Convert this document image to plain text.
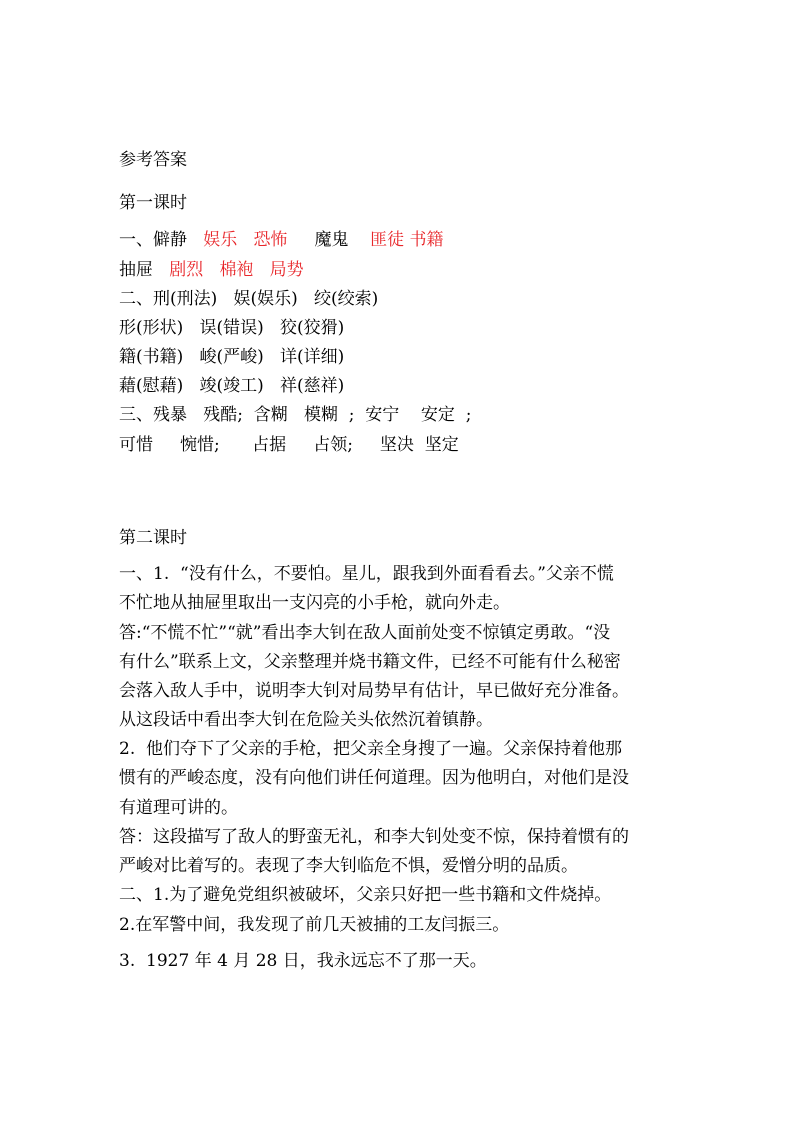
参考答案
第一课时
一、僻静 娱乐 恐怖 魔鬼 匪徒 书籍
抽屉 剧烈 棉袍 局势
二、刑(刑法)   娱(娱乐)   绞(绞索)
形(形状)   误(错误)   狡(狡猾)
籍(书籍)   峻(严峻)   详(详细)
藉(慰藉)   竣(竣工)   祥(慈祥)
三、残暴   残酷;  含糊   模糊  ;  安宁    安定  ;
可惜     惋惜;      占据     占领;     坚决  坚定
第二课时
一、1.  “没有什么，不要怕。星儿，跟我到外面看看去。”父亲不慌
不忙地从抽屉里取出一支闪亮的小手枪，就向外走。
答:“不慌不忙”“就”看出李大钊在敌人面前处变不惊镇定勇敢。“没
有什么”联系上文，父亲整理并烧书籍文件，已经不可能有什么秘密
会落入敌人手中，说明李大钊对局势早有估计，早已做好充分准备。
从这段话中看出李大钊在危险关头依然沉着镇静。
2.  他们夺下了父亲的手枪，把父亲全身搜了一遍。父亲保持着他那
惯有的严峻态度，没有向他们讲任何道理。因为他明白，对他们是没
有道理可讲的。
答：这段描写了敌人的野蛮无礼，和李大钊处变不惊，保持着惯有的
严峻对比着写的。表现了李大钊临危不惧，爱憎分明的品质。
二、1.为了避免党组织被破坏，父亲只好把一些书籍和文件烧掉。
2.在军警中间，我发现了前几天被捕的工友闫振三。
3.  1927 年 4 月 28 日，我永远忘不了那一天。
